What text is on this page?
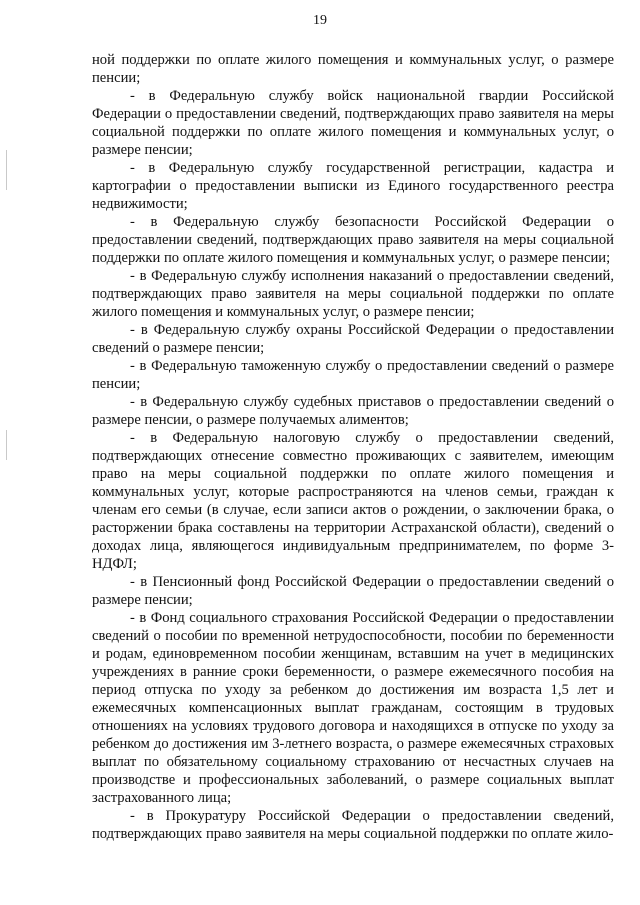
19

ной поддержки по оплате жилого помещения и коммунальных услуг, о размере пенсии;

- в Федеральную службу войск национальной гвардии Российской Федерации о предоставлении сведений, подтверждающих право заявителя на меры социальной поддержки по оплате жилого помещения и коммунальных услуг, о размере пенсии;

- в Федеральную службу государственной регистрации, кадастра и картографии о предоставлении выписки из Единого государственного реестра недвижимости;

- в Федеральную службу безопасности Российской Федерации о предоставлении сведений, подтверждающих право заявителя на меры социальной поддержки по оплате жилого помещения и коммунальных услуг, о размере пенсии;

- в Федеральную службу исполнения наказаний о предоставлении сведений, подтверждающих право заявителя на меры социальной поддержки по оплате жилого помещения и коммунальных услуг, о размере пенсии;

- в Федеральную службу охраны Российской Федерации о предоставлении сведений о размере пенсии;

- в Федеральную таможенную службу о предоставлении сведений о размере пенсии;

- в Федеральную службу судебных приставов о предоставлении сведений о размере пенсии, о размере получаемых алиментов;

- в Федеральную налоговую службу о предоставлении сведений, подтверждающих отнесение совместно проживающих с заявителем, имеющим право на меры социальной поддержки по оплате жилого помещения и коммунальных услуг, которые распространяются на членов семьи, граждан к членам его семьи (в случае, если записи актов о рождении, о заключении брака, о расторжении брака составлены на территории Астраханской области), сведений о доходах лица, являющегося индивидуальным предпринимателем, по форме 3-НДФЛ;

- в Пенсионный фонд Российской Федерации о предоставлении сведений о размере пенсии;

- в Фонд социального страхования Российской Федерации о предоставлении сведений о пособии по временной нетрудоспособности, пособии по беременности и родам, единовременном пособии женщинам, вставшим на учет в медицинских учреждениях в ранние сроки беременности, о размере ежемесячного пособия на период отпуска по уходу за ребенком до достижения им возраста 1,5 лет и ежемесячных компенсационных выплат гражданам, состоящим в трудовых отношениях на условиях трудового договора и находящихся в отпуске по уходу за ребенком до достижения им 3-летнего возраста, о размере ежемесячных страховых выплат по обязательному социальному страхованию от несчастных случаев на производстве и профессиональных заболеваний, о размере социальных выплат застрахованного лица;

- в Прокуратуру Российской Федерации о предоставлении сведений, подтверждающих право заявителя на меры социальной поддержки по оплате жило-
